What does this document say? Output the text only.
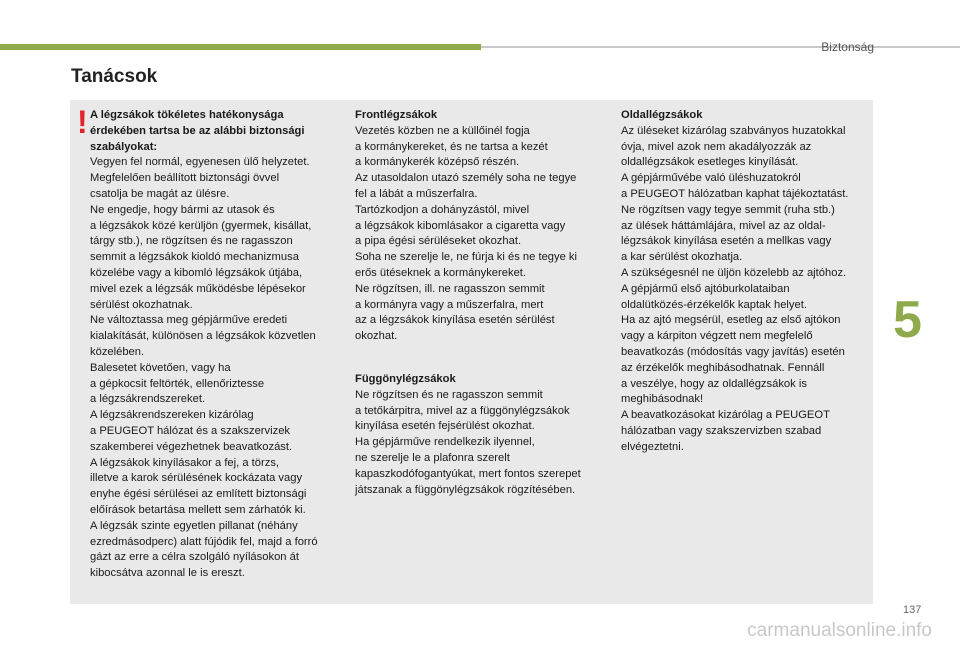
Biztonság
Tanácsok
! A légzsákok tökéletes hatékonysága
érdekében tartsa be az alábbi biztonsági
szabályokat:

Vegyen fel normál, egyenesen ülő helyzetet.
Megfelelően beállított biztonsági övvel
csatolja be magát az ülésre.
Ne engedje, hogy bármi az utasok és
a légzsákok közé kerüljön (gyermek, kisállat,
tárgy stb.), ne rögzítsen és ne ragasszon
semmit a légzsákok kioldó mechanizmusa
közelébe vagy a kibomló légzsákok útjába,
mivel ezek a légzsák működésbe lépésekor
sérülést okozhatnak.
Ne változtassa meg gépjárműve eredeti
kialakítását, különösen a légzsákok közvetlen
közelében.
Balesetet követően, vagy ha
a gépkocsit feltörték, ellenőriztesse
a légzsákrendszereket.
A légzsákrendszereken kizárólag
a PEUGEOT hálózat és a szakszervizek
szakemberei végezhetnek beavatkozást.
A légzsákok kinyílásakor a fej, a törzs,
illetve a karok sérülésének kockázata vagy
enyhe égési sérülései az említett biztonsági
előírások betartása mellett sem zárhatók ki.
A légzsák szinte egyetlen pillanat (néhány
ezredmásodperc) alatt fújódik fel, majd a forró
gázt az erre a célra szolgáló nyílásokon át
kibocsátva azonnal le is ereszt.

Frontlégzsákok

Vezetés közben ne a küllőinél fogja
a kormánykereket, és ne tartsa a kezét
a kormánykerék középső részén.
Az utasoldalon utazó személy soha ne tegye
fel a lábát a műszerfalra.
Tartózkodjon a dohányzástól, mivel
a légzsákok kibomlásakor a cigaretta vagy
a pipa égési sérüléseket okozhat.
Soha ne szerelje le, ne fúrja ki és ne tegye ki
erős ütéseknek a kormánykereket.
Ne rögzítsen, ill. ne ragasszon semmit
a kormányra vagy a műszerfalra, mert
az a légzsákok kinyílása esetén sérülést
okozhat.

Függönylégzsákok

Ne rögzítsen és ne ragasszon semmit
a tetőkárpitra, mivel az a függönylégzsákok
kinyílása esetén fejsérülést okozhat.
Ha gépjárműve rendelkezik ilyennel,
ne szerelje le a plafonra szerelt
kapaszkodófogantyúkat, mert fontos szerepet
játszanak a függönylégzsákok rögzítésében.

Oldallégzsákok

Az üléseket kizárólag szabványos huzatokkal
óvja, mivel azok nem akadályozzák az
oldallégzsákok esetleges kinyílását.
A gépjárművébe való üléshuzatokról
a PEUGEOT hálózatban kaphat tájékoztatást.
Ne rögzítsen vagy tegye semmit (ruha stb.)
az ülések háttámlájára, mivel az az oldal-
légzsákok kinyílása esetén a mellkas vagy
a kar sérülést okozhatja.
A szükségesnél ne üljön közelebb az ajtóhoz.
A gépjármű első ajtóburkolataiban
oldalütközés-érzékelők kaptak helyet.
Ha az ajtó megsérül, esetleg az első ajtókon
vagy a kárpiton végzett nem megfelelő
beavatkozás (módosítás vagy javítás) esetén
az érzékelők meghibásodhatnak. Fennáll
a veszélye, hogy az oldallégzsákok is
meghibásodnak!
A beavatkozásokat kizárólag a PEUGEOT
hálózatban vagy szakszervizben szabad
elvégeztetni.

5
137
carmanualsonline.info
